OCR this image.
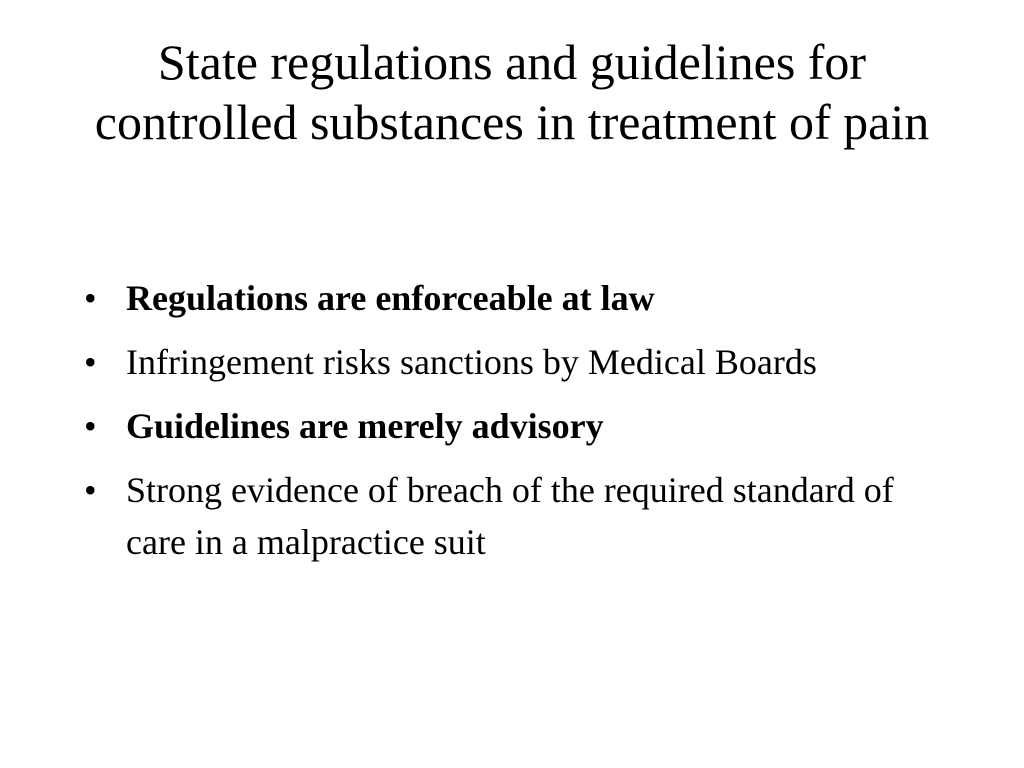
State regulations and guidelines for controlled substances in treatment of pain
• Regulations are enforceable at law
• Infringement risks sanctions by Medical Boards
• Guidelines are merely advisory
• Strong evidence of breach of the required standard of care in a malpractice suit
